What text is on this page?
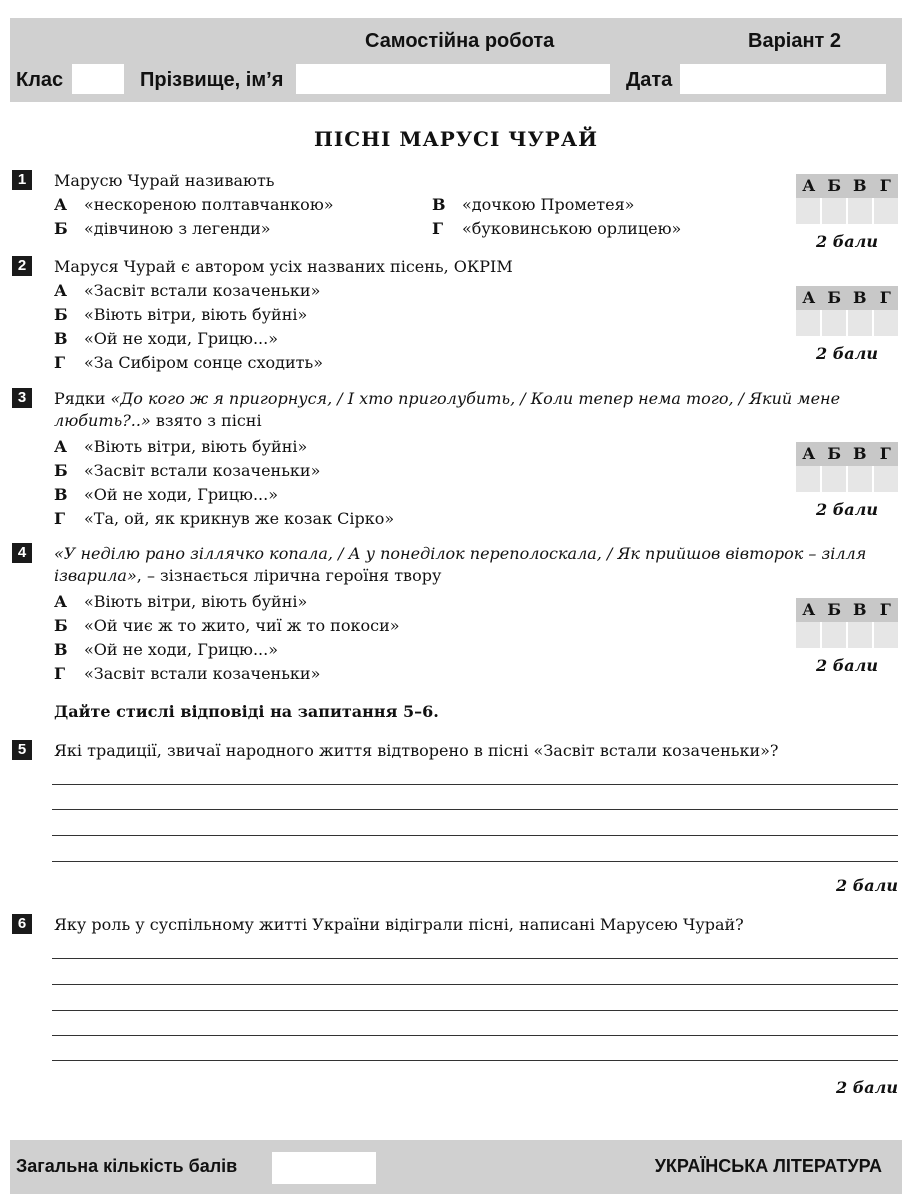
Самостійна робота	Варіант 2
Клас	Прізвище, ім’я	Дата
ПІСНІ МАРУСІ ЧУРАЙ
1	Марусю Чурай називають
А «нескореною полтавчанкою»
Б «дівчиною з легенди»
В «дочкою Прометея»
Г «буковинською орлицею»
А Б В Г
2 бали
2	Маруся Чурай є автором усіх названих пісень, ОКРІМ
А «Засвіт встали козаченьки»
Б «Віють вітри, віють буйні»
В «Ой не ходи, Грицю...»
Г «За Сибіром сонце сходить»
А Б В Г
2 бали
3	Рядки «До кого ж я пригорнуся, / І хто приголубить, / Коли тепер нема того, / Який мене любить?..» взято з пісні
А «Віють вітри, віють буйні»
Б «Засвіт встали козаченьки»
В «Ой не ходи, Грицю...»
Г «Та, ой, як крикнув же козак Сірко»
А Б В Г
2 бали
4	«У неділю рано зіллячко копала, / А у понеділок переполоскала, / Як прийшов вівторок – зілля ізварила», – зізнається ліричнa героїня твору
А «Віють вітри, віють буйні»
Б «Ой чиє ж то жито, чиї ж то покоси»
В «Ой не ходи, Грицю...»
Г «Засвіт встали козаченьки»
А Б В Г
2 бали
Дайте стислі відповіді на запитання 5–6.
5	Які традиції, звичаї народного життя відтворено в пісні «Засвіт встали козаченьки»?
2 бали
6	Яку роль у суспільному житті України відіграли пісні, написані Марусею Чурай?
2 бали
Загальна кількість балів	УКРАЇНСЬКА ЛІТЕРАТУРА
